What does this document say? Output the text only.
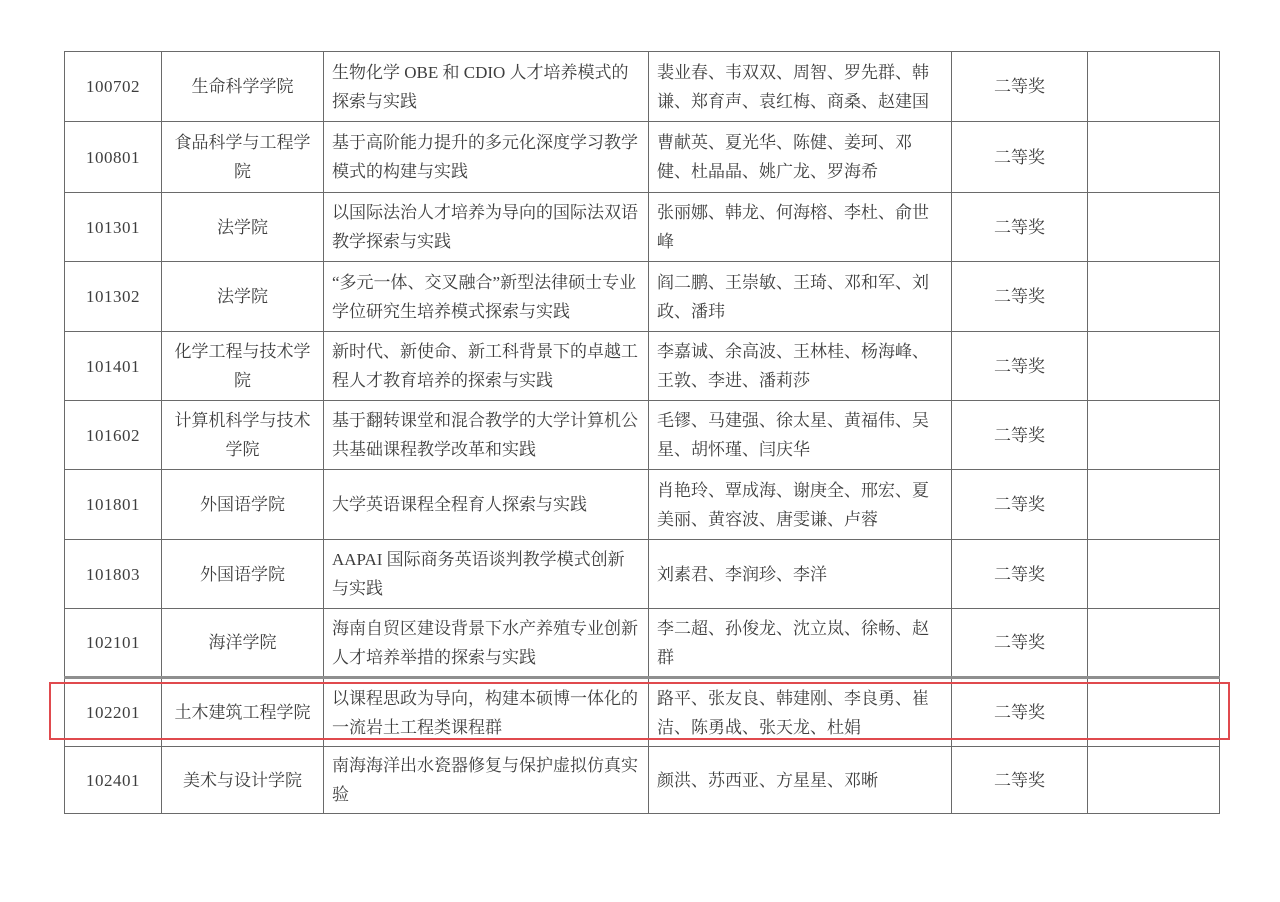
100702	生命科学学院	生物化学 OBE 和 CDIO 人才培养模式的探索与实践	裴业春、韦双双、周智、罗先群、韩谦、郑育声、袁红梅、商桑、赵建国	二等奖	
100801	食品科学与工程学院	基于高阶能力提升的多元化深度学习教学模式的构建与实践	曹献英、夏光华、陈健、姜珂、邓健、杜晶晶、姚广龙、罗海希	二等奖	
101301	法学院	以国际法治人才培养为导向的国际法双语教学探索与实践	张丽娜、韩龙、何海榕、李杜、俞世峰	二等奖	
101302	法学院	“多元一体、交叉融合”新型法律硕士专业学位研究生培养模式探索与实践	阎二鹏、王崇敏、王琦、邓和军、刘政、潘玮	二等奖	
101401	化学工程与技术学院	新时代、新使命、新工科背景下的卓越工程人才教育培养的探索与实践	李嘉诚、余高波、王林桂、杨海峰、王敦、李进、潘莉莎	二等奖	
101602	计算机科学与技术学院	基于翻转课堂和混合教学的大学计算机公共基础课程教学改革和实践	毛镠、马建强、徐太星、黄福伟、吴星、胡怀瑾、闫庆华	二等奖	
101801	外国语学院	大学英语课程全程育人探索与实践	肖艳玲、覃成海、谢庚全、邢宏、夏美丽、黄容波、唐雯谦、卢蓉	二等奖	
101803	外国语学院	AAPAI 国际商务英语谈判教学模式创新与实践	刘素君、李润珍、李洋	二等奖	
102101	海洋学院	海南自贸区建设背景下水产养殖专业创新人才培养举措的探索与实践	李二超、孙俊龙、沈立岚、徐畅、赵群	二等奖	
102201	土木建筑工程学院	以课程思政为导向，构建本硕博一体化的一流岩土工程类课程群	路平、张友良、韩建刚、李良勇、崔洁、陈勇战、张天龙、杜娟	二等奖	
102401	美术与设计学院	南海海洋出水瓷器修复与保护虚拟仿真实验	颜洪、苏西亚、方星星、邓晰	二等奖	
